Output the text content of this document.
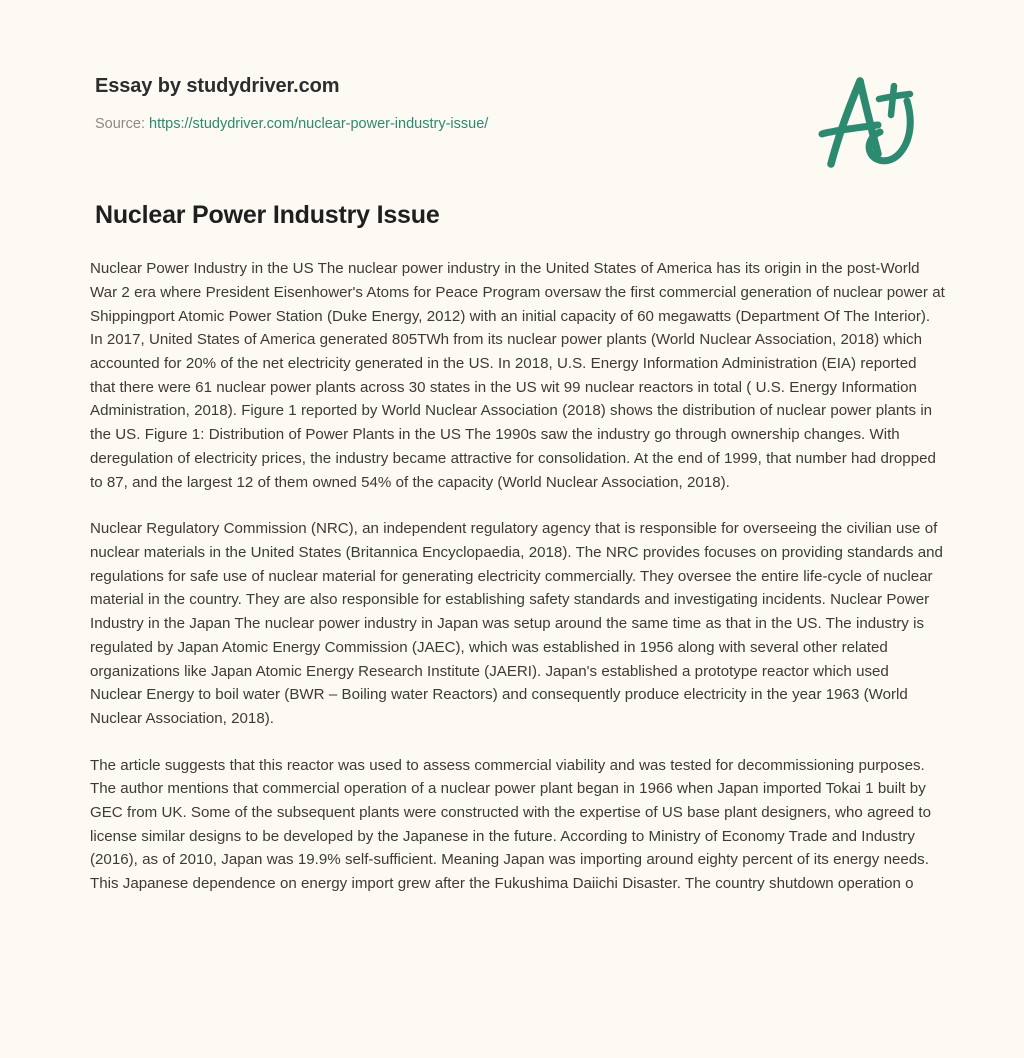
Essay by studydriver.com
Source: https://studydriver.com/nuclear-power-industry-issue/
Nuclear Power Industry Issue

Nuclear Power Industry in the US The nuclear power industry in the United States of America has its origin in the post-World War 2 era where President Eisenhower's Atoms for Peace Program oversaw the first commercial generation of nuclear power at Shippingport Atomic Power Station (Duke Energy, 2012) with an initial capacity of 60 megawatts (Department Of The Interior). In 2017, United States of America generated 805TWh from its nuclear power plants (World Nuclear Association, 2018) which accounted for 20% of the net electricity generated in the US. In 2018, U.S. Energy Information Administration (EIA) reported that there were 61 nuclear power plants across 30 states in the US wit 99 nuclear reactors in total ( U.S. Energy Information Administration, 2018). Figure 1 reported by World Nuclear Association (2018) shows the distribution of nuclear power plants in the US. Figure 1: Distribution of Power Plants in the US The 1990s saw the industry go through ownership changes. With deregulation of electricity prices, the industry became attractive for consolidation. At the end of 1999, that number had dropped to 87, and the largest 12 of them owned 54% of the capacity (World Nuclear Association, 2018).

Nuclear Regulatory Commission (NRC), an independent regulatory agency that is responsible for overseeing the civilian use of nuclear materials in the United States (Britannica Encyclopaedia, 2018). The NRC provides focuses on providing standards and regulations for safe use of nuclear material for generating electricity commercially. They oversee the entire life-cycle of nuclear material in the country. They are also responsible for establishing safety standards and investigating incidents. Nuclear Power Industry in the Japan The nuclear power industry in Japan was setup around the same time as that in the US. The industry is regulated by Japan Atomic Energy Commission (JAEC), which was established in 1956 along with several other related organizations like Japan Atomic Energy Research Institute (JAERI). Japan's established a prototype reactor which used Nuclear Energy to boil water (BWR – Boiling water Reactors) and consequently produce electricity in the year 1963 (World Nuclear Association, 2018).

The article suggests that this reactor was used to assess commercial viability and was tested for decommissioning purposes. The author mentions that commercial operation of a nuclear power plant began in 1966 when Japan imported Tokai 1 built by GEC from UK. Some of the subsequent plants were constructed with the expertise of US base plant designers, who agreed to license similar designs to be developed by the Japanese in the future. According to Ministry of Economy Trade and Industry (2016), as of 2010, Japan was 19.9% self-sufficient. Meaning Japan was importing around eighty percent of its energy needs. This Japanese dependence on energy import grew after the Fukushima Daiichi Disaster. The country shutdown operation o
